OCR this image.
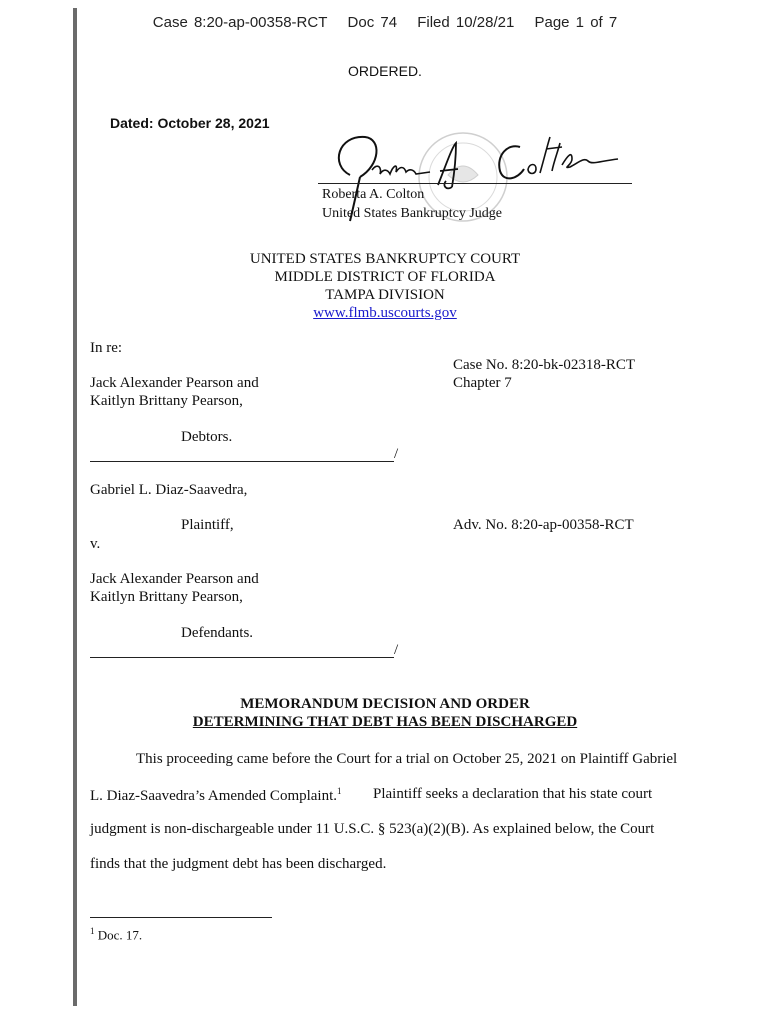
Case 8:20-ap-00358-RCT Doc 74 Filed 10/28/21 Page 1 of 7
ORDERED.
Dated: October 28, 2021
Roberta A. Colton
United States Bankruptcy Judge
UNITED STATES BANKRUPTCY COURT
MIDDLE DISTRICT OF FLORIDA
TAMPA DIVISION
www.flmb.uscourts.gov
In re:
Case No. 8:20-bk-02318-RCT
Chapter 7
Jack Alexander Pearson and
Kaitlyn Brittany Pearson,
Debtors.
/
Gabriel L. Diaz-Saavedra,
Plaintiff,	Adv. No. 8:20-ap-00358-RCT
v.
Jack Alexander Pearson and
Kaitlyn Brittany Pearson,
Defendants.
/
MEMORANDUM DECISION AND ORDER
DETERMINING THAT DEBT HAS BEEN DISCHARGED
This proceeding came before the Court for a trial on October 25, 2021 on Plaintiff Gabriel
L. Diaz-Saavedra’s Amended Complaint.$^1$ Plaintiff seeks a declaration that his state court
judgment is non-dischargeable under 11 U.S.C. § 523(a)(2)(B). As explained below, the Court
finds that the judgment debt has been discharged.
$^1$ Doc. 17.
